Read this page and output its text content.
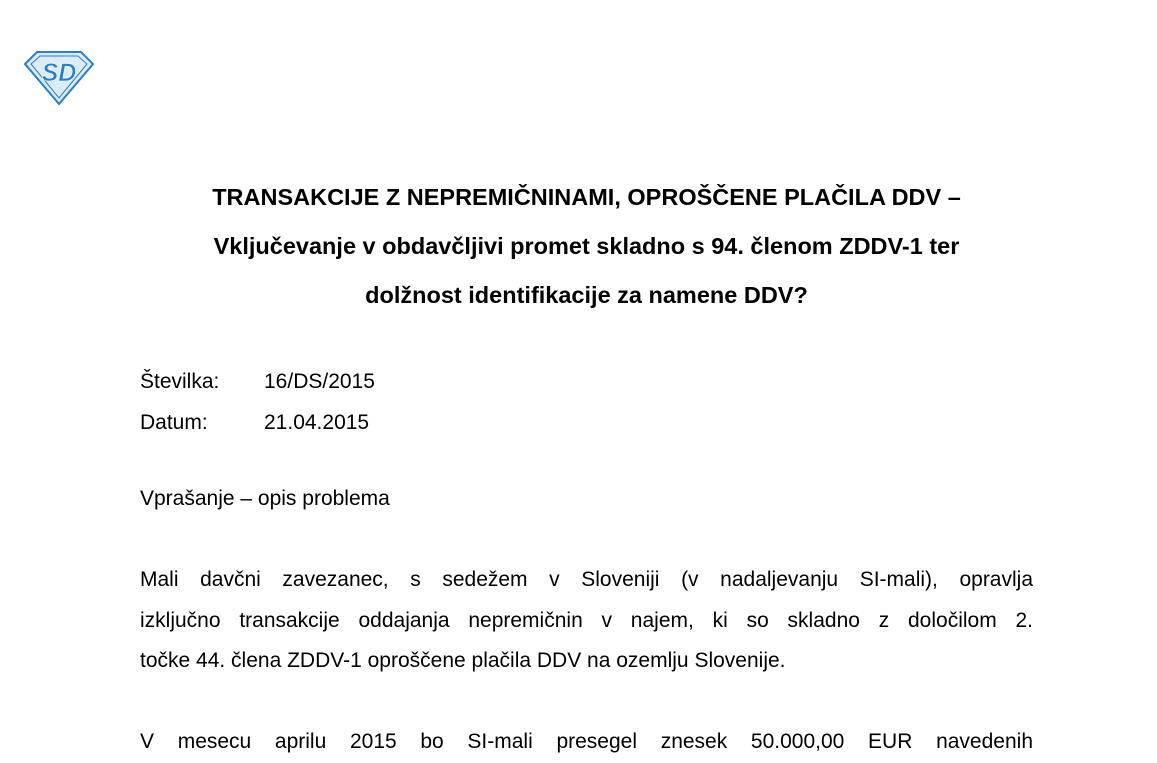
SD
TRANSAKCIJE Z NEPREMIČNINAMI, OPROŠČENE PLAČILA DDV –
Vključevanje v obdavčljivi promet skladno s 94. členom ZDDV-1 ter
dolžnost identifikacije za namene DDV?
Številka:	16/DS/2015
Datum:	21.04.2015
Vprašanje – opis problema
Mali davčni zavezanec, s sedežem v Sloveniji (v nadaljevanju SI-mali), opravlja
izključno transakcije oddajanja nepremičnin v najem, ki so skladno z določilom 2.
točke 44. člena ZDDV-1 oproščene plačila DDV na ozemlju Slovenije.
V mesecu aprilu 2015 bo SI-mali presegel znesek 50.000,00 EUR navedenih
